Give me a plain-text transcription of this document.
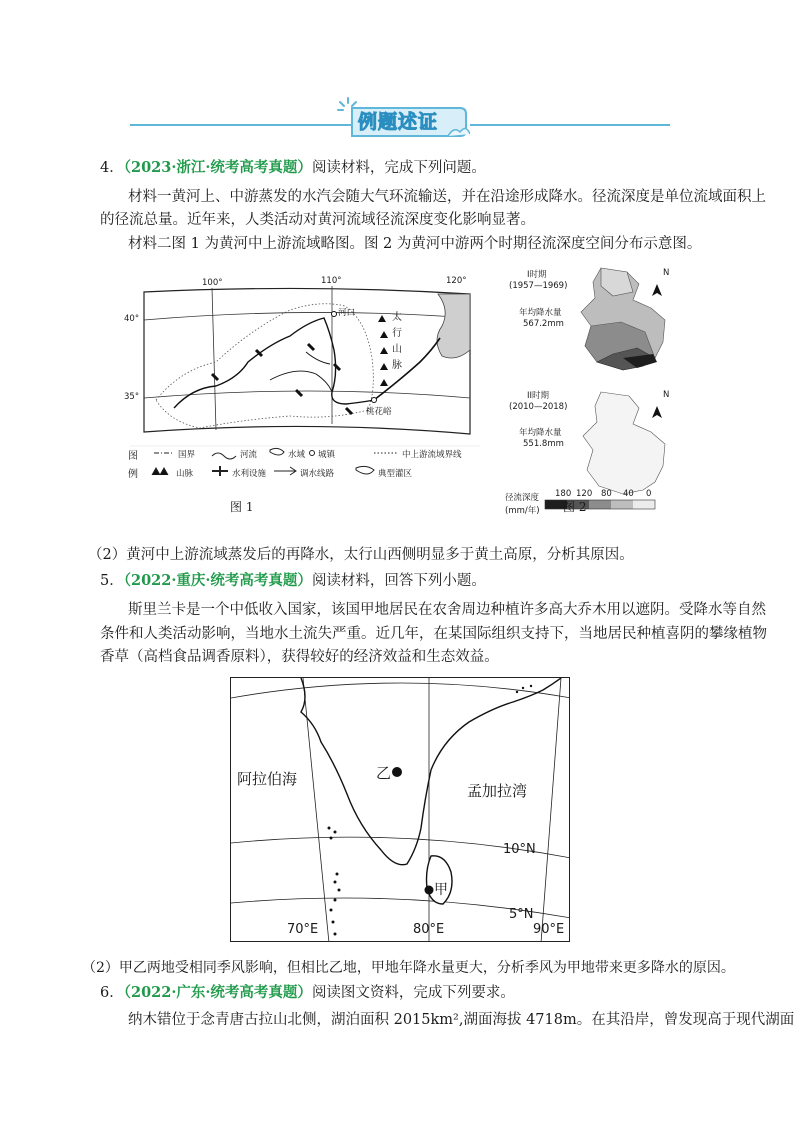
例题述证
4．（2023·浙江·统考高考真题）阅读材料，完成下列问题。
材料一黄河上、中游蒸发的水汽会随大气环流输送，并在沿途形成降水。径流深度是单位流域面积上
的径流总量。近年来，人类活动对黄河流域径流深度变化影响显著。
材料二图 1 为黄河中上游流域略图。图 2 为黄河中游两个时期径流深度空间分布示意图。
100°	110°	120°
40°
35°
河口
桃花峪
太
行
山
脉
例
图	国界	河流	水域 城镇	中上游流域界线
山脉	水利设施	调水线路	典型灌区
图 1
I时期
(1957—1969)
年均降水量
567.2mm
II时期
(2010—2018)
年均降水量
551.8mm
N
N
径流深度
(mm/年)
180 120 80 40 0
图 2
（2）黄河中上游流域蒸发后的再降水，太行山西侧明显多于黄土高原，分析其原因。
5．（2022·重庆·统考高考真题）阅读材料，回答下列小题。
斯里兰卡是一个中低收入国家，该国甲地居民在农舍周边种植许多高大乔木用以遮阴。受降水等自然
条件和人类活动影响，当地水土流失严重。近几年，在某国际组织支持下，当地居民种植喜阴的攀缘植物
香草（高档食品调香原料），获得较好的经济效益和生态效益。
阿拉伯海
孟加拉湾
乙
甲
10°N
5°N
70°E	80°E	90°E
（2）甲乙两地受相同季风影响，但相比乙地，甲地年降水量更大，分析季风为甲地带来更多降水的原因。
6．（2022·广东·统考高考真题）阅读图文资料，完成下列要求。
纳木错位于念青唐古拉山北侧，湖泊面积 2015km²,湖面海拔 4718m。在其沿岸，曾发现高于现代湖面
